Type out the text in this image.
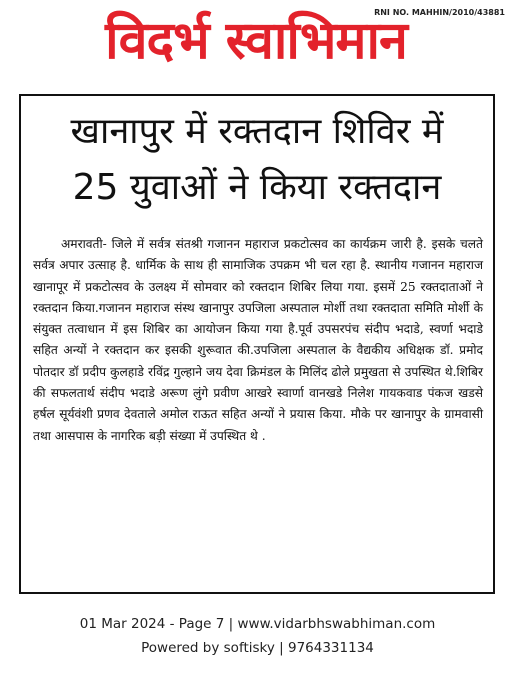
विदर्भ स्वाभिमान
RNI NO. MAHHIN/2010/43881
खानापुर में रक्तदान शिविर में
25 युवाओं ने किया रक्तदान
अमरावती- जिले में सर्वत्र संतश्री गजानन महाराज प्रकटोत्सव का कार्यक्रम जारी है. इसके चलते सर्वत्र अपार उत्साह है. धार्मिक के साथ ही सामाजिक उपक्रम भी चल रहा है. स्थानीय गजानन महाराज खानापूर में प्रकटोत्सव के उलक्ष्य में सोमवार को रक्तदान शिबिर लिया गया. इसमें 25 रक्तदाताओं ने रक्तदान किया.गजानन महाराज संस्थ खानापुर उपजिला अस्पताल मोर्शी तथा रक्तदाता समिति मोर्शी के संयुक्त तत्वाधान में इस शिबिर का आयोजन किया गया है.पूर्व उपसरपंच संदीप भदाडे, स्वर्णा भदाडे सहित अन्यों ने रक्तदान कर इसकी शुरूवात की.उपजिला अस्पताल के वैद्यकीय अधिक्षक डॉ. प्रमोद पोतदार डॉ प्रदीप कुलहाडे रविंद्र गुल्हाने जय देवा क्रिमंडल के मिलिंद ढोले प्रमुखता से उपस्थित थे.शिबिर की सफलतार्थ संदीप भदाडे अरूण लुंगे प्रवीण आखरे स्वार्णा वानखडे निलेश गायकवाड पंकज खडसे हर्षल सूर्यवंशी प्रणव देवताले अमोल राऊत सहित अन्यों ने प्रयास किया. मौके पर खानापुर के ग्रामवासी तथा आसपास के नागरिक बड़ी संख्या में उपस्थित थे .
01 Mar 2024 - Page 7 | www.vidarbhswabhiman.com
Powered by softisky | 9764331134
